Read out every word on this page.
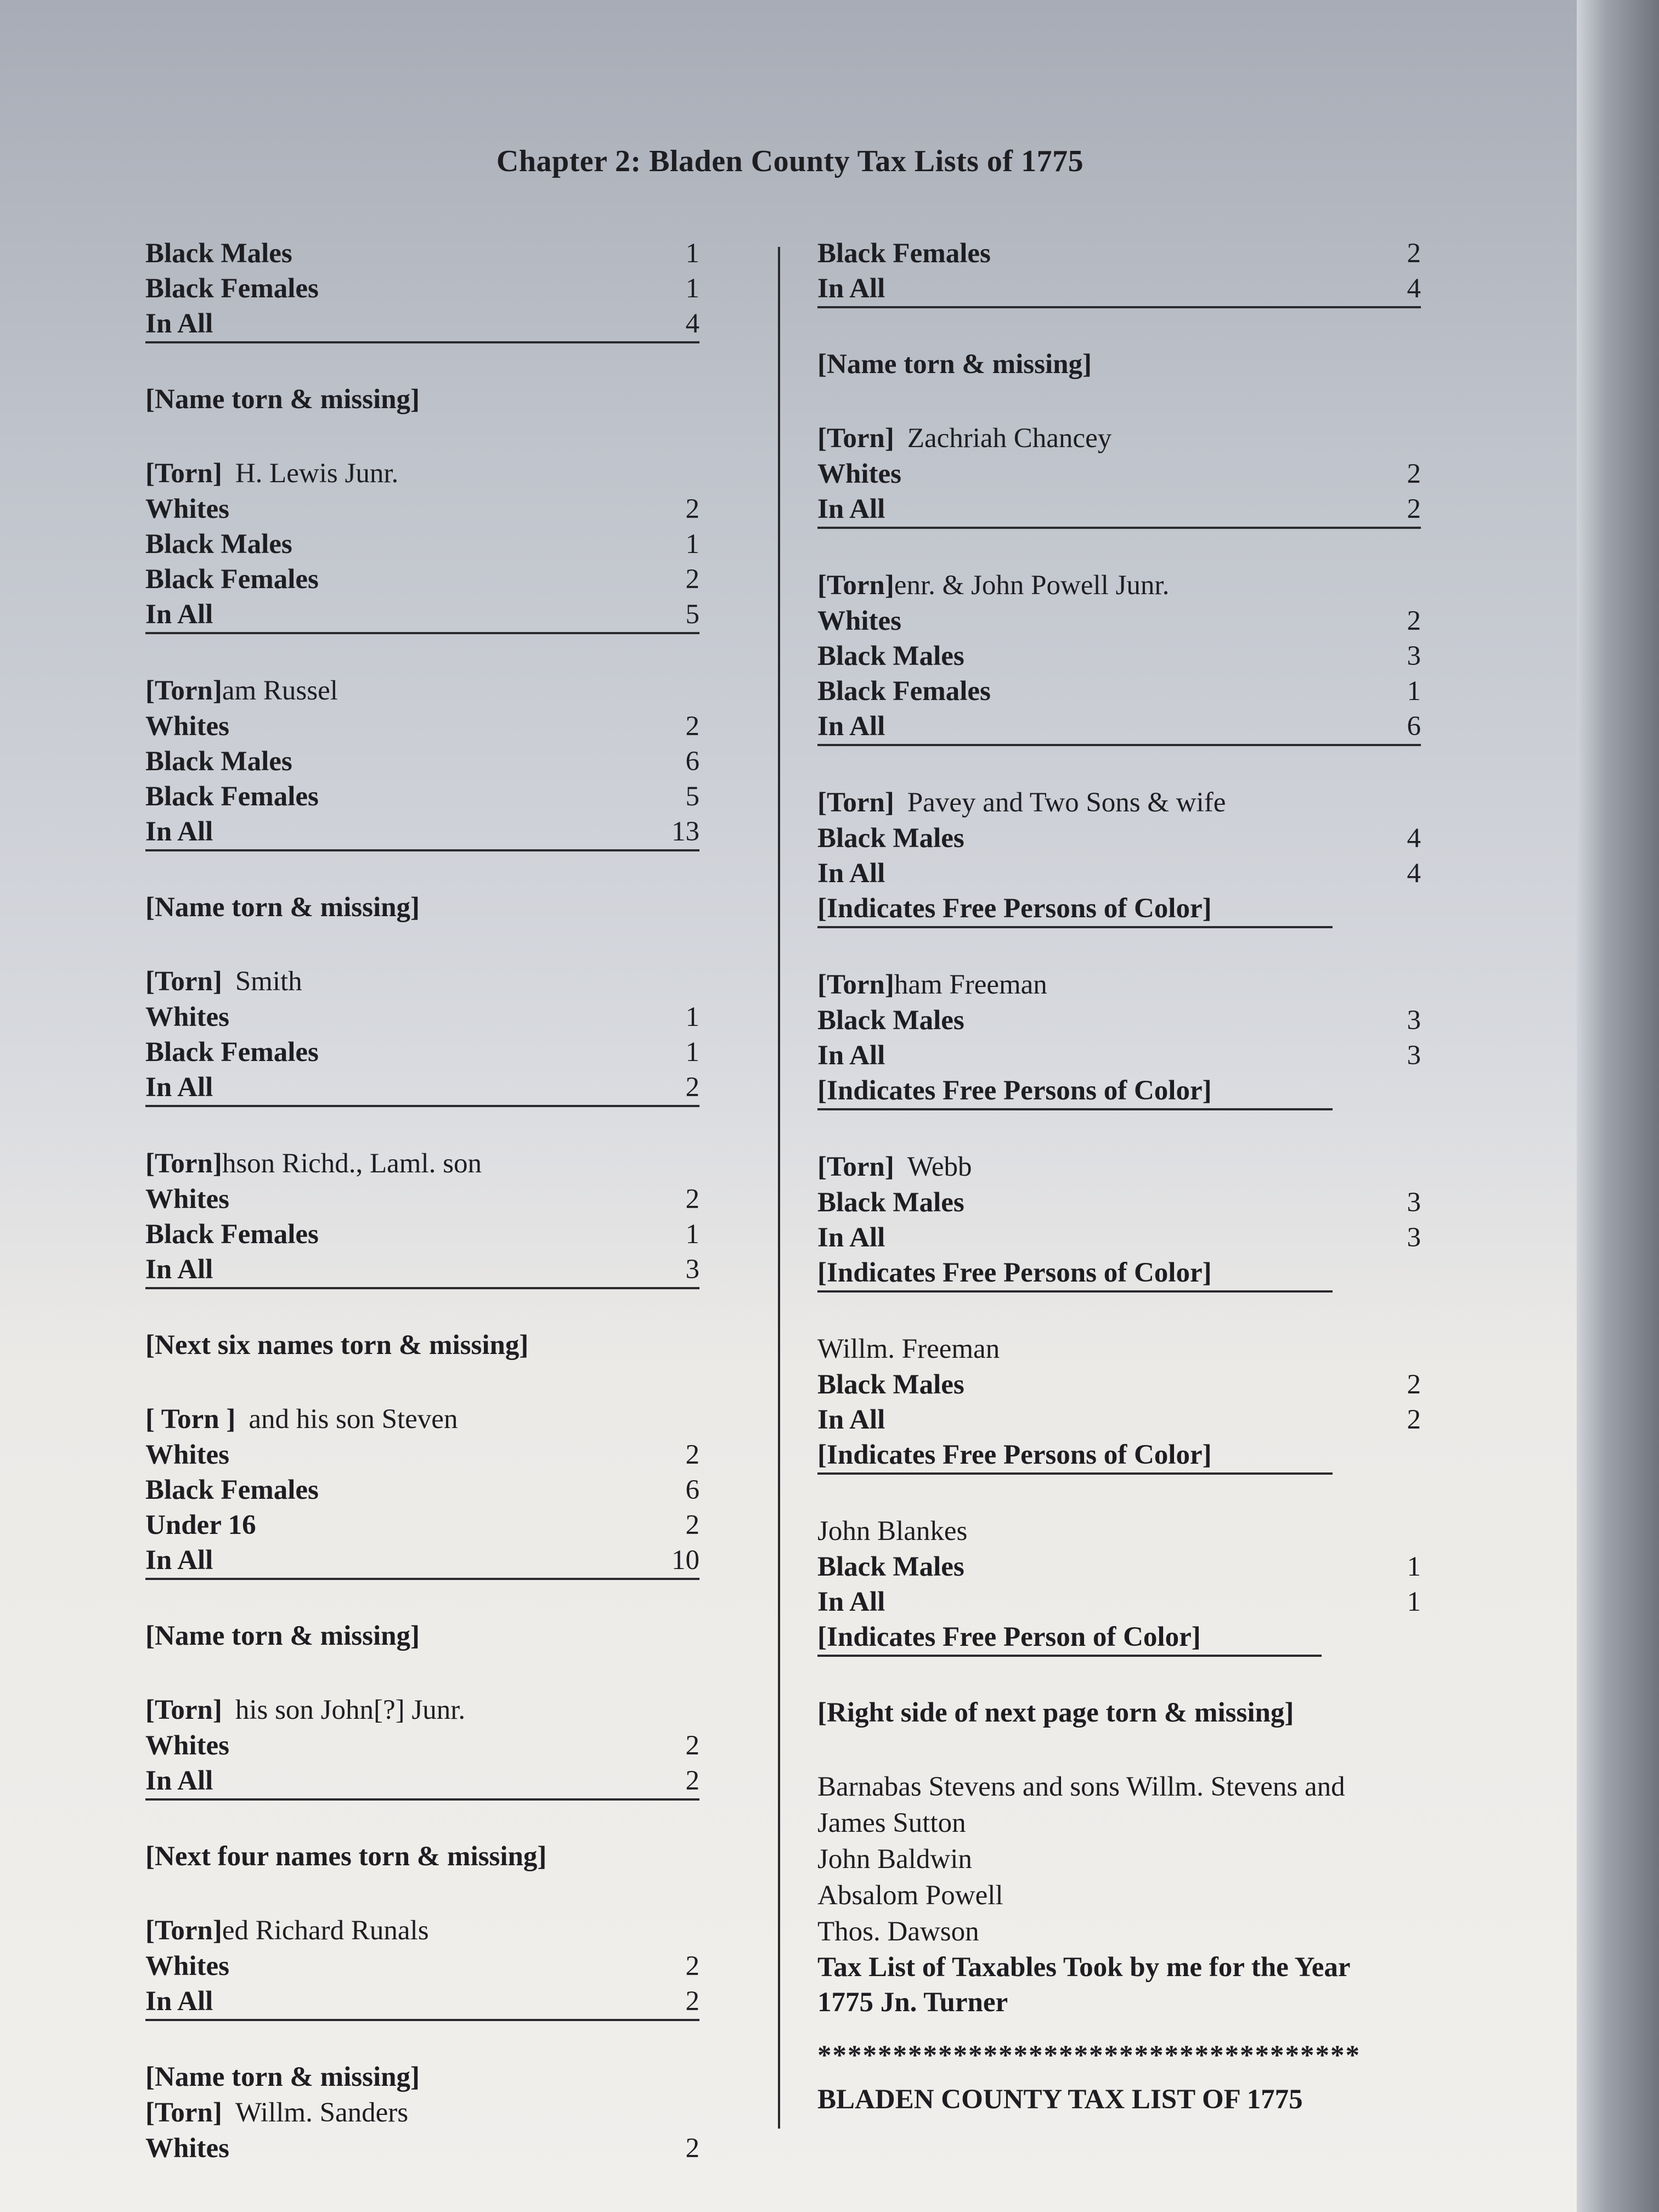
Chapter 2: Bladen County Tax Lists of 1775
Black Males	1
Black Females	1
In All	4
[Name torn & missing]
[Torn] H. Lewis Junr.
Whites	2
Black Males	1
Black Females	2
In All	5
[Torn]am Russel
Whites	2
Black Males	6
Black Females	5
In All	13
[Name torn & missing]
[Torn] Smith
Whites	1
Black Females	1
In All	2
[Torn]hson Richd., Laml. son
Whites	2
Black Females	1
In All	3
[Next six names torn & missing]
[ Torn ] and his son Steven
Whites	2
Black Females	6
Under 16	2
In All	10
[Name torn & missing]
[Torn] his son John[?] Junr.
Whites	2
In All	2
[Next four names torn & missing]
[Torn]ed Richard Runals
Whites	2
In All	2
[Name torn & missing]
[Torn] Willm. Sanders
Whites	2
Black Females	2
In All	4
[Name torn & missing]
[Torn] Zachriah Chancey
Whites	2
In All	2
[Torn]enr. & John Powell Junr.
Whites	2
Black Males	3
Black Females	1
In All	6
[Torn] Pavey and Two Sons & wife
Black Males	4
In All	4
[Indicates Free Persons of Color]
[Torn]ham Freeman
Black Males	3
In All	3
[Indicates Free Persons of Color]
[Torn] Webb
Black Males	3
In All	3
[Indicates Free Persons of Color]
Willm. Freeman
Black Males	2
In All	2
[Indicates Free Persons of Color]
John Blankes
Black Males	1
In All	1
[Indicates Free Person of Color]
[Right side of next page torn & missing]
Barnabas Stevens and sons Willm. Stevens and
James Sutton
John Baldwin
Absalom Powell
Thos. Dawson
Tax List of Taxables Took by me for the Year
1775 Jn. Turner
************************************
BLADEN COUNTY TAX LIST OF 1775
